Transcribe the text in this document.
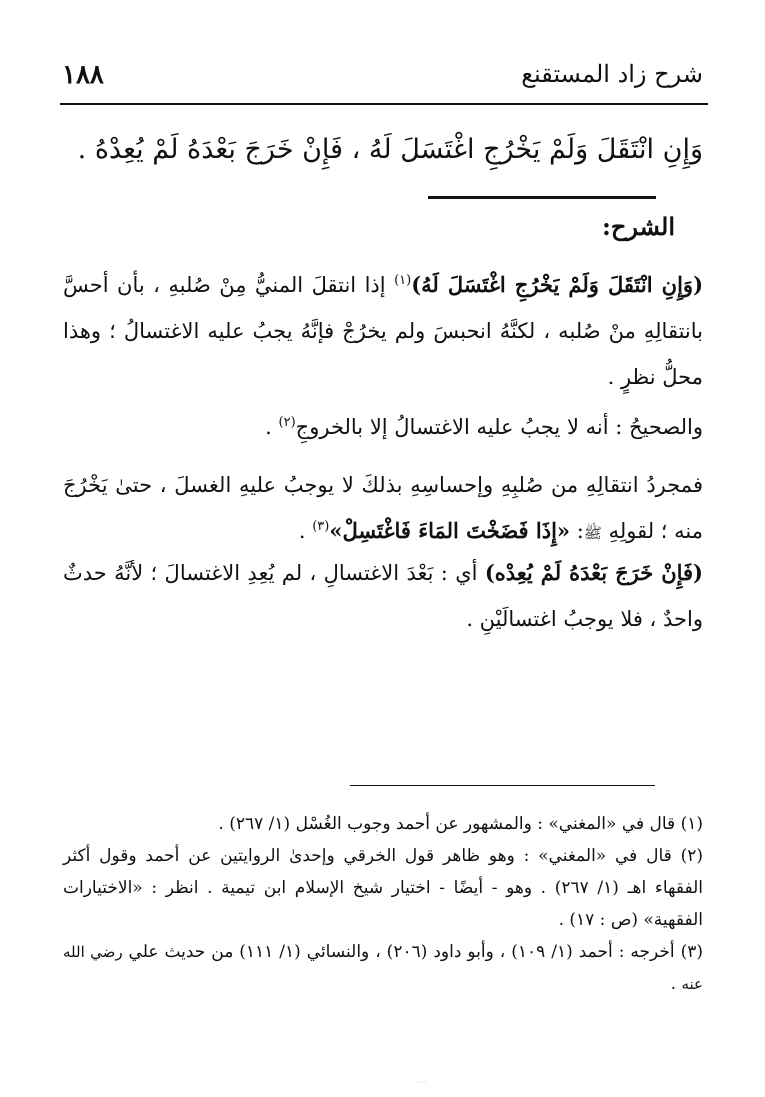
شرح زاد المستقنع
١٨٨
وَإِنِ انْتَقَلَ وَلَمْ يَخْرُجِ اغْتَسَلَ لَهُ ، فَإِنْ خَرَجَ بَعْدَهُ لَمْ يُعِدْهُ .
الشرح:
(وَإِنِ انْتَقَلَ وَلَمْ يَخْرُجِ اغْتَسَلَ لَهُ)$^{(١)}$ إذا انتقلَ المنيُّ مِنْ صُلبهِ ، بأن أحسَّ بانتقالِهِ منْ صُلبه ، لكنَّهُ انحبسَ ولم يخرُجْ فإنَّهُ يجبُ عليه الاغتسالُ ؛ وهذا محلُّ نظرٍ .
والصحيحُ : أنه لا يجبُ عليه الاغتسالُ إلا بالخروجِ$^{(٢)}$ .
فمجردُ انتقالِهِ من صُلبِهِ وإحساسِهِ بذلكَ لا يوجبُ عليهِ الغسلَ ، حتىٰ يَخْرُجَ منه ؛ لقولِهِ ﷺ: «إِذَا فَضَخْتَ المَاءَ فَاغْتَسِلْ»$^{(٣)}$ .
(فَإِنْ خَرَجَ بَعْدَهُ لَمْ يُعِدْه) أي : بَعْدَ الاغتسالِ ، لم يُعِدِ الاغتسالَ ؛ لأنَّهُ حدثٌ واحدٌ ، فلا يوجبُ اغتسالَيْنِ .

(١) قال في «المغني» : والمشهور عن أحمد وجوب الغُسْل (١/ ٢٦٧) .

(٢) قال في «المغني» : وهو ظاهر قول الخرقي وإحدىٰ الروايتين عن أحمد وقول أكثر الفقهاء اهـ (١/ ٢٦٧) . وهو - أيضًا - اختيار شيخ الإسلام ابن تيمية . انظر : «الاختيارات الفقهية» (ص : ١٧) .

(٣) أخرجه : أحمد (١/ ١٠٩) ، وأبو داود (٢٠٦) ، والنسائي (١/ ١١١) من حديث علي رضي الله عنه .

····
